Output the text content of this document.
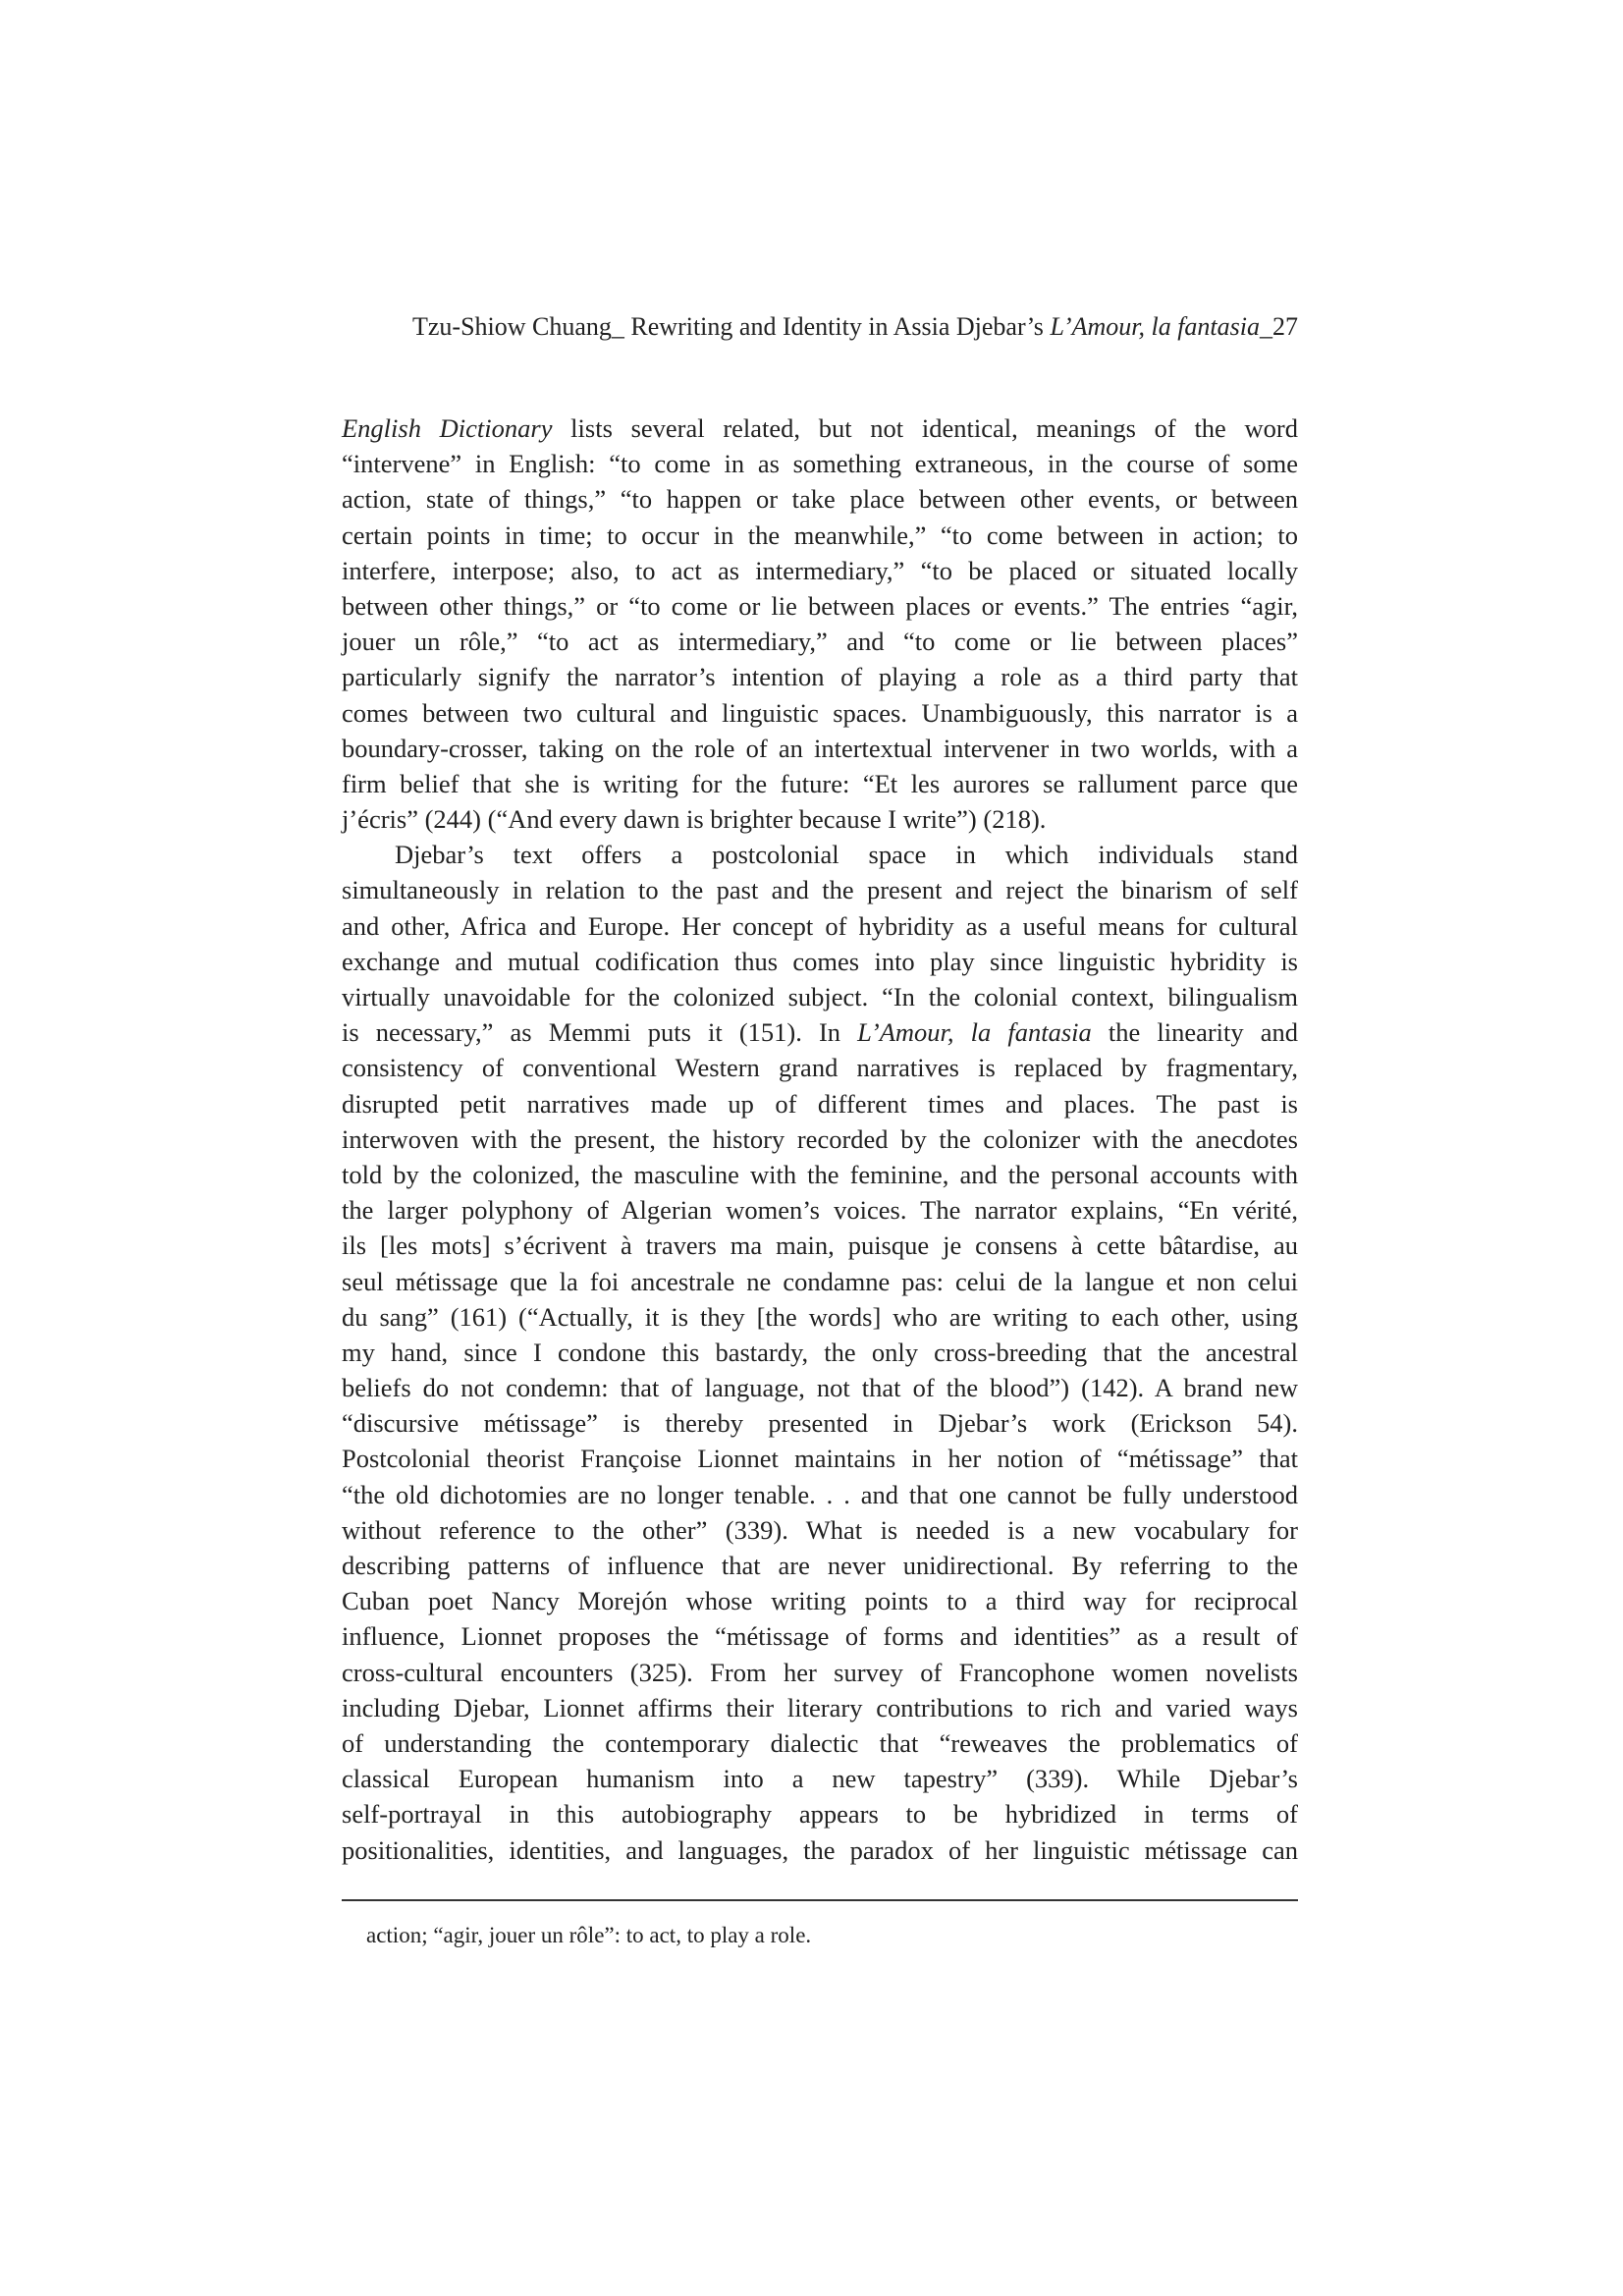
Tzu-Shiow Chuang_ Rewriting and Identity in Assia Djebar’s L’Amour, la fantasia_27
English Dictionary lists several related, but not identical, meanings of the word
“intervene” in English: “to come in as something extraneous, in the course of some
action, state of things,” “to happen or take place between other events, or between
certain points in time; to occur in the meanwhile,” “to come between in action; to
interfere, interpose; also, to act as intermediary,” “to be placed or situated locally
between other things,” or “to come or lie between places or events.” The entries “agir,
jouer un rôle,” “to act as intermediary,” and “to come or lie between places”
particularly signify the narrator’s intention of playing a role as a third party that
comes between two cultural and linguistic spaces. Unambiguously, this narrator is a
boundary-crosser, taking on the role of an intertextual intervener in two worlds, with a
firm belief that she is writing for the future: “Et les aurores se rallument parce que
j’écris” (244) (“And every dawn is brighter because I write”) (218).
Djebar’s text offers a postcolonial space in which individuals stand
simultaneously in relation to the past and the present and reject the binarism of self
and other, Africa and Europe. Her concept of hybridity as a useful means for cultural
exchange and mutual codification thus comes into play since linguistic hybridity is
virtually unavoidable for the colonized subject. “In the colonial context, bilingualism
is necessary,” as Memmi puts it (151). In L’Amour, la fantasia the linearity and
consistency of conventional Western grand narratives is replaced by fragmentary,
disrupted petit narratives made up of different times and places. The past is
interwoven with the present, the history recorded by the colonizer with the anecdotes
told by the colonized, the masculine with the feminine, and the personal accounts with
the larger polyphony of Algerian women’s voices. The narrator explains, “En vérité,
ils [les mots] s’écrivent à travers ma main, puisque je consens à cette bâtardise, au
seul métissage que la foi ancestrale ne condamne pas: celui de la langue et non celui
du sang” (161) (“Actually, it is they [the words] who are writing to each other, using
my hand, since I condone this bastardy, the only cross-breeding that the ancestral
beliefs do not condemn: that of language, not that of the blood”) (142). A brand new
“discursive métissage” is thereby presented in Djebar’s work (Erickson 54).
Postcolonial theorist Françoise Lionnet maintains in her notion of “métissage” that
“the old dichotomies are no longer tenable. . . and that one cannot be fully understood
without reference to the other” (339). What is needed is a new vocabulary for
describing patterns of influence that are never unidirectional. By referring to the
Cuban poet Nancy Morejón whose writing points to a third way for reciprocal
influence, Lionnet proposes the “métissage of forms and identities” as a result of
cross-cultural encounters (325). From her survey of Francophone women novelists
including Djebar, Lionnet affirms their literary contributions to rich and varied ways
of understanding the contemporary dialectic that “reweaves the problematics of
classical European humanism into a new tapestry” (339). While Djebar’s
self-portrayal in this autobiography appears to be hybridized in terms of
positionalities, identities, and languages, the paradox of her linguistic métissage can
action; “agir, jouer un rôle”: to act, to play a role.
